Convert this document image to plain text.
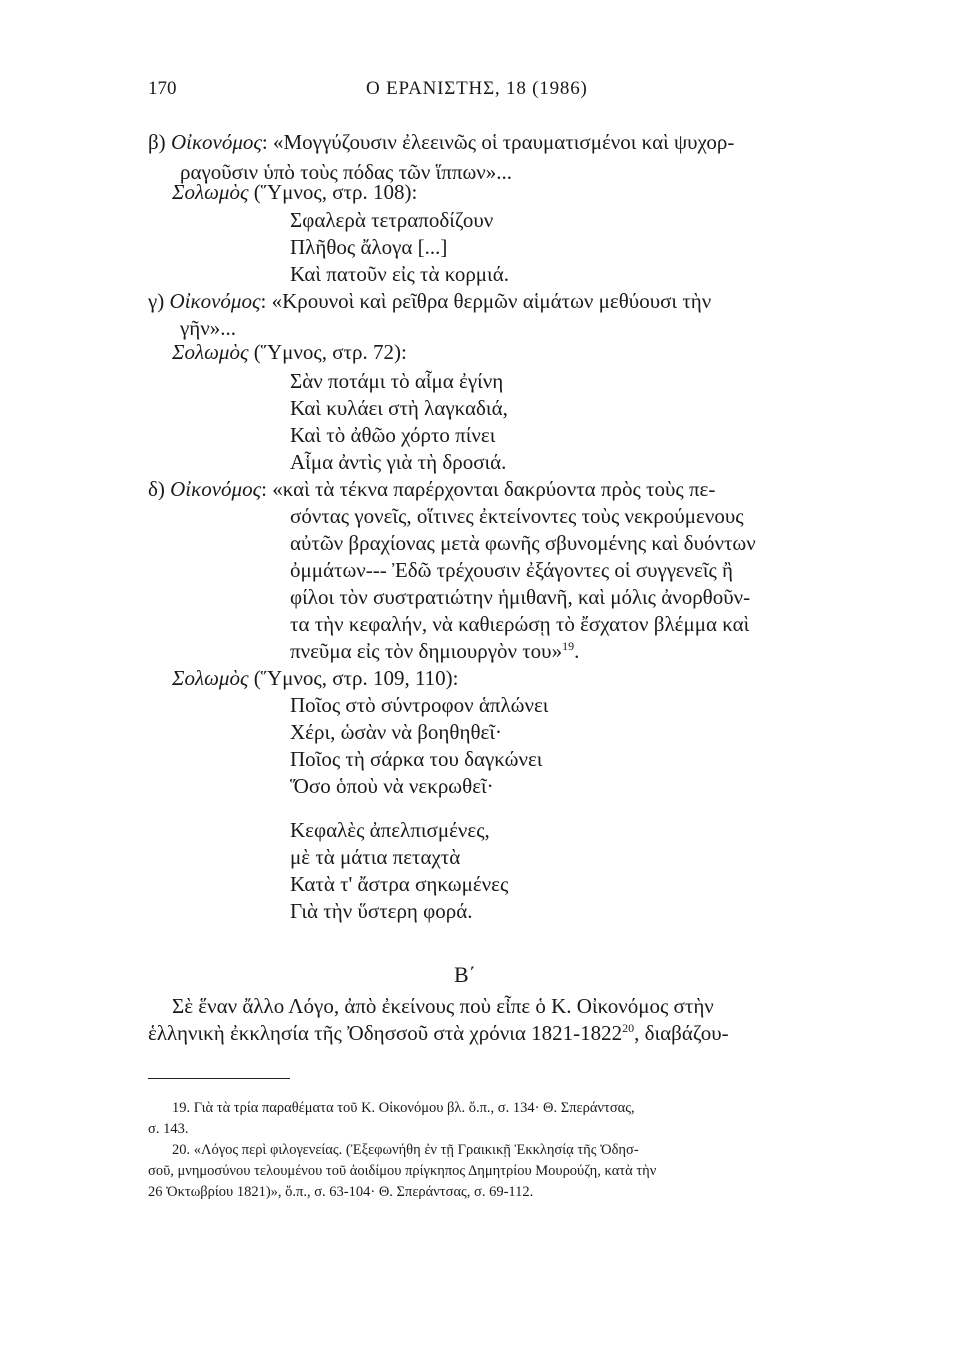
170	Ο ΕΡΑΝΙΣΤΗΣ, 18 (1986)
β) Οἰκονόμος: «Μογγύζουσιν ἐλεεινῶς οἱ τραυματισμένοι καὶ ψυχορ-
ραγοῦσιν ὑπὸ τοὺς πόδας τῶν ἵππων»...
Σολωμὸς (Ὕμνος, στρ. 108):
Σφαλερὰ τετραποδίζουν
Πλῆθος ἄλογα [...]
Καὶ πατοῦν εἰς τὰ κορμιά.
γ) Οἰκονόμος: «Κρουνοὶ καὶ ρεῖθρα θερμῶν αἱμάτων μεθύουσι τὴν
γῆν»...
Σολωμὸς (Ὕμνος, στρ. 72):
Σὰν ποτάμι τὸ αἷμα ἐγίνη
Καὶ κυλάει στὴ λαγκαδιά,
Καὶ τὸ ἀθῶο χόρτο πίνει
Αἷμα ἀντὶς γιὰ τὴ δροσιά.
δ) Οἰκονόμος: «καὶ τὰ τέκνα παρέρχονται δακρύοντα πρὸς τοὺς πε-
σόντας γονεῖς, οἵτινες ἐκτείνοντες τοὺς νεκρούμενους
αὐτῶν βραχίονας μετὰ φωνῆς σβυνομένης καὶ δυόντων
ὀμμάτων--- Ἐδῶ τρέχουσιν ἐξάγοντες οἱ συγγενεῖς ἢ
φίλοι τὸν συστρατιώτην ἡμιθανῆ, καὶ μόλις ἀνορθοῦν-
τα τὴν κεφαλήν, νὰ καθιερώσῃ τὸ ἔσχατον βλέμμα καὶ
πνεῦμα εἰς τὸν δημιουργὸν του»$^{19}$.
Σολωμὸς (Ὕμνος, στρ. 109, 110):
Ποῖος στὸ σύντροφον ἁπλώνει
Χέρι, ὡσὰν νὰ βοηθηθεῖ·
Ποῖος τὴ σάρκα του δαγκώνει
Ὅσο ὁποὺ νὰ νεκρωθεῖ·
Κεφαλὲς ἀπελπισμένες,
μὲ τὰ μάτια πεταχτὰ
Κατὰ τ' ἄστρα σηκωμένες
Γιὰ τὴν ὕστερη φορά.
Β΄
Σὲ ἕναν ἄλλο Λόγο, ἀπὸ ἐκείνους ποὺ εἶπε ὁ Κ. Οἰκονόμος στὴν
ἑλληνικὴ ἐκκλησία τῆς Ὀδησσοῦ στὰ χρόνια 1821-1822$^{20}$, διαβάζου-
19. Γιὰ τὰ τρία παραθέματα τοῦ Κ. Οἰκονόμου βλ. ὅ.π., σ. 134· Θ. Σπεράντσας,
σ. 143.
20. «Λόγος περὶ φιλογενείας. (Ἐξεφωνήθη ἐν τῇ Γραικικῇ Ἐκκλησίᾳ τῆς Ὀδησ-
σοῦ, μνημοσύνου τελουμένου τοῦ ἀοιδίμου πρίγκηπος Δημητρίου Μουρούζη, κατὰ τὴν
26 Ὀκτωβρίου 1821)», ὅ.π., σ. 63-104· Θ. Σπεράντσας, σ. 69-112.
